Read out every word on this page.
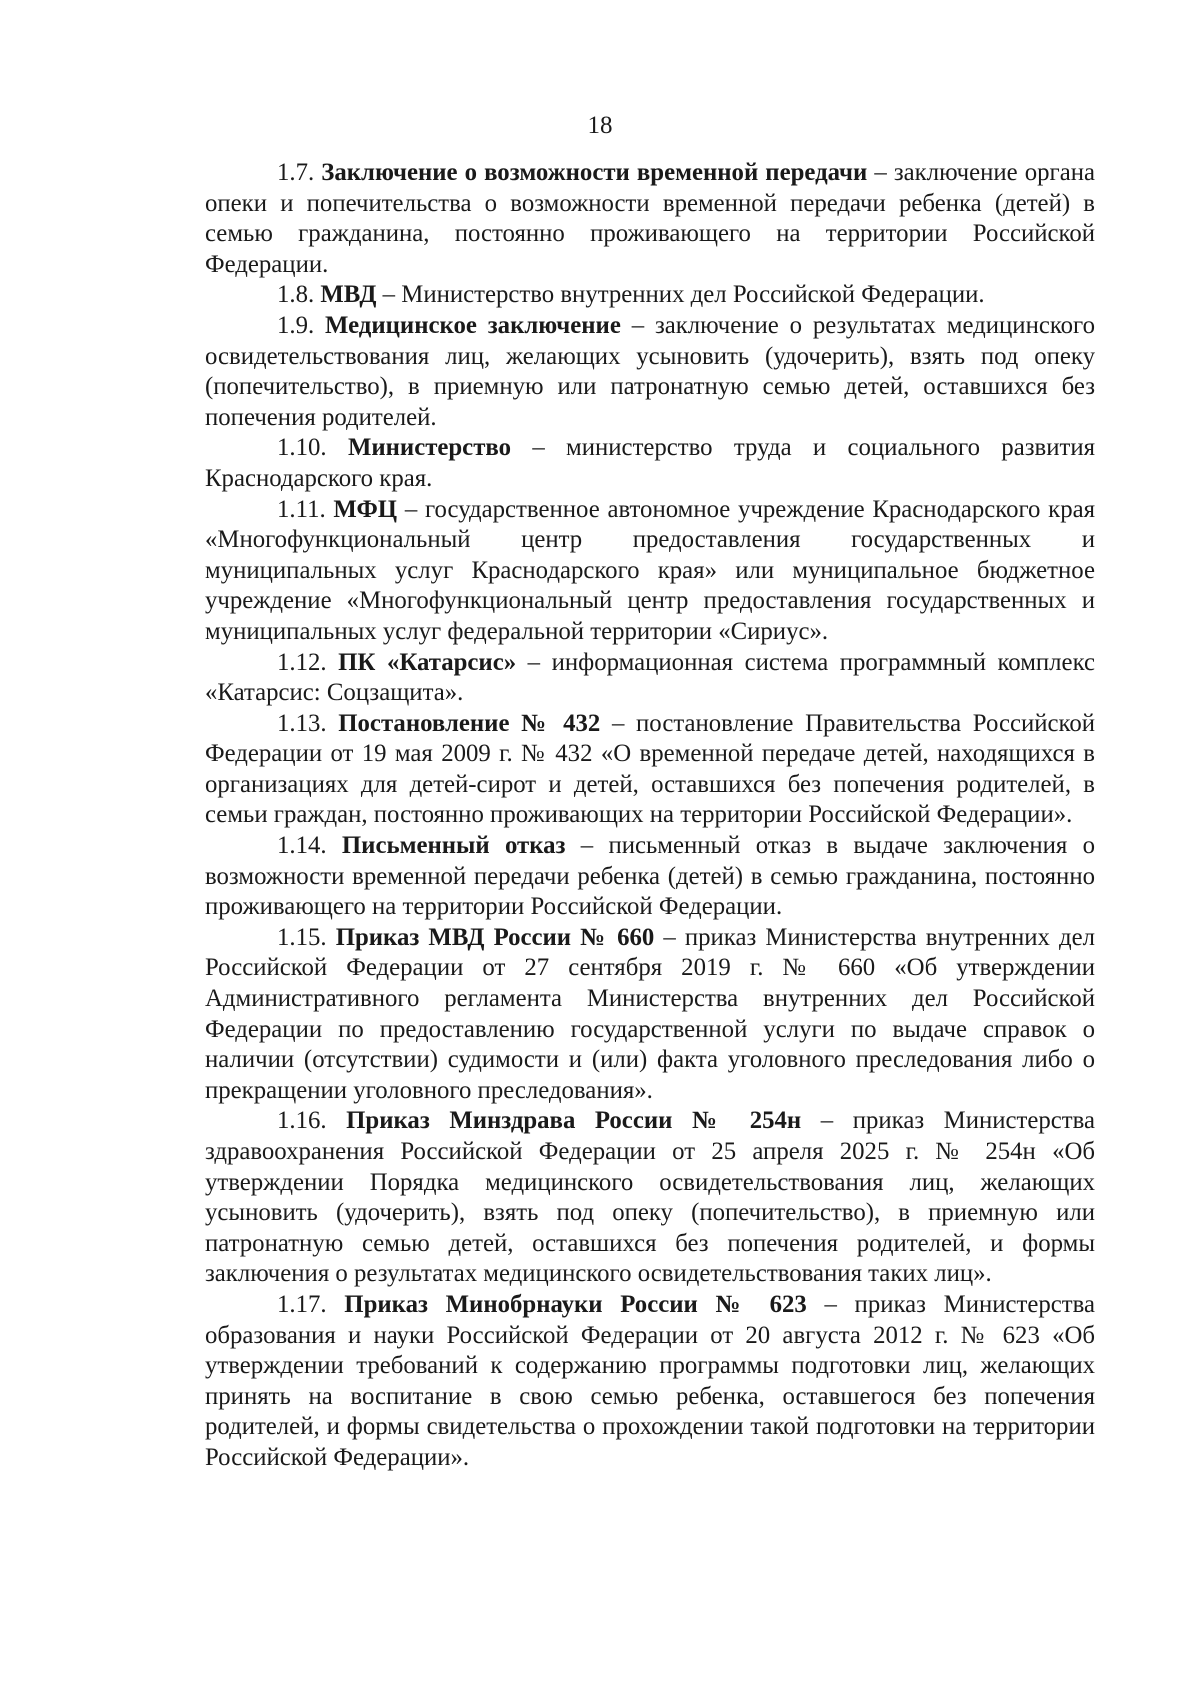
18

1.7. Заключение о возможности временной передачи – заключение органа опеки и попечительства о возможности временной передачи ребенка (детей) в семью гражданина, постоянно проживающего на территории Российской Федерации.

1.8. МВД – Министерство внутренних дел Российской Федерации.

1.9. Медицинское заключение – заключение о результатах медицинского освидетельствования лиц, желающих усыновить (удочерить), взять под опеку (попечительство), в приемную или патронатную семью детей, оставшихся без попечения родителей.

1.10. Министерство – министерство труда и социального развития Краснодарского края.

1.11. МФЦ – государственное автономное учреждение Краснодарского края «Многофункциональный центр предоставления государственных и муниципальных услуг Краснодарского края» или муниципальное бюджетное учреждение «Многофункциональный центр предоставления государственных и муниципальных услуг федеральной территории «Сириус».

1.12. ПК «Катарсис» – информационная система программный комплекс «Катарсис: Соцзащита».

1.13. Постановление № 432 – постановление Правительства Российской Федерации от 19 мая 2009 г. № 432 «О временной передаче детей, находящихся в организациях для детей-сирот и детей, оставшихся без попечения родителей, в семьи граждан, постоянно проживающих на территории Российской Федерации».

1.14. Письменный отказ – письменный отказ в выдаче заключения о возможности временной передачи ребенка (детей) в семью гражданина, постоянно проживающего на территории Российской Федерации.

1.15. Приказ МВД России № 660 – приказ Министерства внутренних дел Российской Федерации от 27 сентября 2019 г. № 660 «Об утверждении Административного регламента Министерства внутренних дел Российской Федерации по предоставлению государственной услуги по выдаче справок о наличии (отсутствии) судимости и (или) факта уголовного преследования либо о прекращении уголовного преследования».

1.16. Приказ Минздрава России № 254н – приказ Министерства здравоохранения Российской Федерации от 25 апреля 2025 г. № 254н «Об утверждении Порядка медицинского освидетельствования лиц, желающих усыновить (удочерить), взять под опеку (попечительство), в приемную или патронатную семью детей, оставшихся без попечения родителей, и формы заключения о результатах медицинского освидетельствования таких лиц».

1.17. Приказ Минобрнауки России № 623 – приказ Министерства образования и науки Российской Федерации от 20 августа 2012 г. № 623 «Об утверждении требований к содержанию программы подготовки лиц, желающих принять на воспитание в свою семью ребенка, оставшегося без попечения родителей, и формы свидетельства о прохождении такой подготовки на территории Российской Федерации».
